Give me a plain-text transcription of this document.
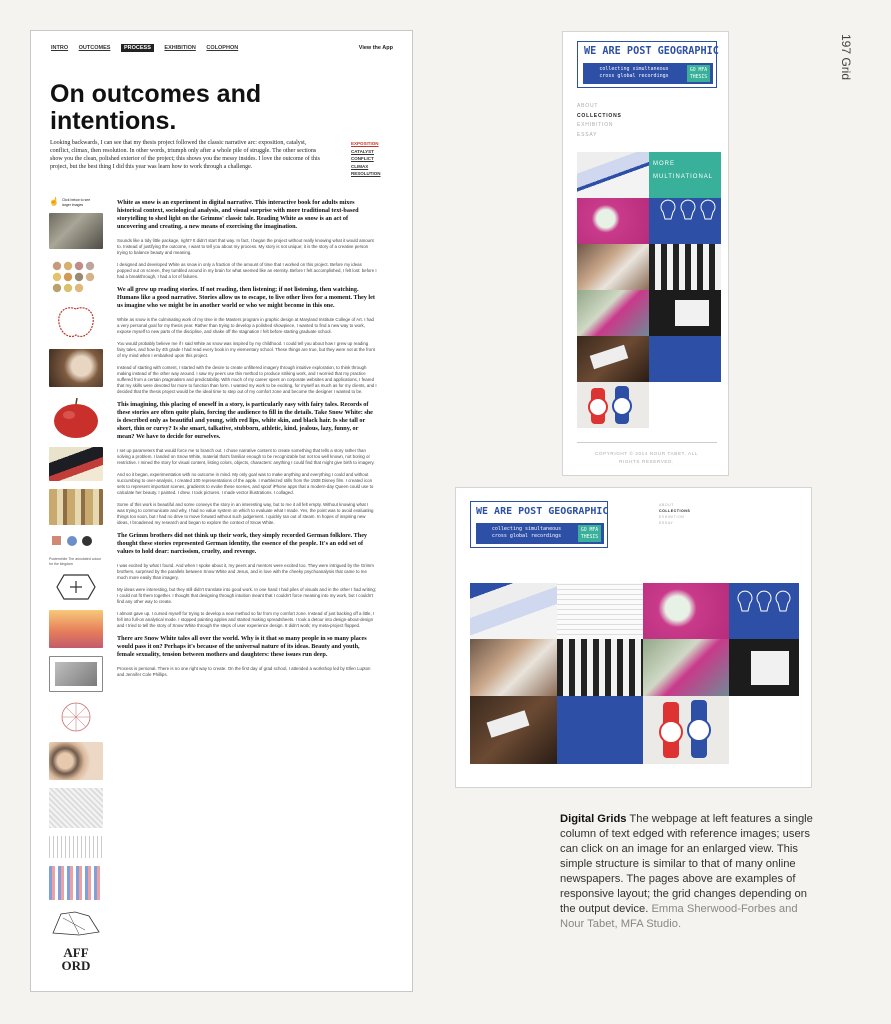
197 Grid
INTRO OUTCOMES PROCESS EXHIBITION COLOPHON	View the App
On outcomes and intentions.
Looking backwards, I can see that my thesis project followed the classic narrative arc: exposition, catalyst, conflict, climax, then resolution. In other words, triumph only after a whole pile of struggle. The other sections show you the clean, polished exterior of the project; this shows you the messy insides. I love the outcome of this project, but the best thing I did this year was learn how to work through a challenge.
EXPOSITION
CATALYST
CONFLICT
CLIMAX
RESOLUTION
☝ Click below to see larger images
Posterwhite The annotated colour for the kingdom
AFF ORD

White as snow is an experiment in digital narrative. This interactive book for adults mixes historical context, sociological analysis, and visual surprise with more traditional text-based storytelling to shed light on the Grimms' classic tale. Reading White as snow is an act of uncovering and creating, a new means of exercising the imagination.

Sounds like a tidy little package, right? It didn't start that way. In fact, I began the project without really knowing what it would amount to. Instead of justifying the outcome, I want to tell you about my process. My story is not unique; it is the story of a creative person trying to balance beauty and meaning.

I designed and developed White as snow in only a fraction of the amount of time that I worked on this project. Before my ideas popped out on screen, they tumbled around in my brain for what seemed like an eternity. Before I felt accomplished, I felt lost: before I had a breakthrough, I had a lot of failures.

We all grew up reading stories. If not reading, then listening; if not listening, then watching. Humans like a good narrative. Stories allow us to escape, to live other lives for a moment. They let us imagine who we might be in another world or who we might become in this one.

White as snow is the culminating work of my time in the Masters program in graphic design at Maryland Institute College of Art. I had a very personal goal for my thesis year. Rather than trying to develop a polished showpiece, I wanted to find a new way to work, expose myself to new parts of the discipline, and shake off the stagnation I felt before starting graduate school.

You would probably believe me if I said White as snow was inspired by my childhood. I could tell you about how I grew up reading fairy tales, and how by 4th grade I had read every book in my elementary school. These things are true, but they were not at the front of my mind when I embarked upon this project.

Instead of starting with content, I started with the desire to create unfiltered imagery through intuitive exploration, to think through making instead of the other way around. I saw my peers use this method to produce striking work, and I worried that my practice suffered from a certain pragmatism and predictability. With much of my career spent on corporate websites and applications, I feared that my skills were devoted far more to function than form. I wanted my work to be exciting, for myself as much as for my clients, and I decided that the thesis project would be the ideal time to step out of my comfort zone and become the designer I wanted to be.

This imagining, this placing of oneself in a story, is particularly easy with fairy tales. Records of these stories are often quite plain, forcing the audience to fill in the details. Take Snow White: she is described only as beautiful and young, with red lips, white skin, and black hair. Is she tall or short, thin or curvy? Is she smart, talkative, stubborn, athletic, kind, jealous, lazy, funny, or mean? We have to decide for ourselves.

I set up parameters that would force me to branch out. I chose narrative content to create something that tells a story rather than solving a problem. I landed on Snow White, material that's familiar enough to be recognizable but not too well known, not boring or restrictive. I mined the story for visual content, listing colors, objects, characters: anything I could find that might give birth to imagery.

And so it began, experimentation with no outcome in mind. My only goal was to make anything and everything I could and without succumbing to over-analysis, I created 100 representations of the apple. I marbleized stills from the 1938 Disney film. I created icon sets to represent important scenes, gradients to evoke these scenes, and spoof iPhone apps that a modern-day Queen could use to calculate her beauty. I painted. I drew. I took pictures. I made vector illustrations. I collaged.

Some of this work is beautiful and some conveys the story in an interesting way, but to me it all felt empty. Without knowing what I was trying to communicate and why, I had no value system on which to evaluate what I made. Yes, the point was to avoid evaluating things too soon, but I had no drive to move forward without such judgement. I quickly ran out of steam. In hopes of inspiring new ideas, I broadened my research and began to explore the context of Snow White.

The Grimm brothers did not think up their work, they simply recorded German folklore. They thought these stories represented German identity, the essence of the people. It's an odd set of values to hold dear: narcissism, cruelty, and revenge.

I was excited by what I found. And when I spoke about it, my peers and mentors were excited too. They were intrigued by the Grimm brothers, surprised by the parallels between Snow White and Jesus, and in love with the cheeky psychoanalysis that came to me much more easily than imagery.

My ideas were interesting, but they still didn't translate into good work. In one hand I had piles of visuals and in the other I had writing; I could not fit them together. I thought that designing through intuition meant that I couldn't force meaning into my work, but I couldn't find any other way to create.

I almost gave up. I cursed myself for trying to develop a new method so far from my comfort zone. Instead of just backing off a little, I fell into full-on analytical mode. I stopped painting apples and started making spreadsheets. I took a detour into design-about-design and I tried to tell the story of Snow White through the steps of user experience design. It didn't work; my meta-project flopped.

There are Snow White tales all over the world. Why is it that so many people in so many places would pass it on? Perhaps it's because of the universal nature of its ideas. Beauty and youth, female sexuality, tension between mothers and daughters: these issues run deep.

Process is personal. There is no one right way to create. On the first day of grad school, I attended a workshop led by Ellen Lupton and Jennifer Cole Phillips.

WE ARE POST GEOGRAPHIC
collecting simultaneous
cross global recordings
GO MFA
THESIS
ABOUT
COLLECTIONS
EXHIBITION
ESSAY
MORE
MULTINATIONAL
COPYRIGHT © 2014 NOUR TABET. ALL
RIGHTS RESERVED.
WE ARE POST GEOGRAPHIC
collecting simultaneous
cross global recordings
GO MFA
THESIS
ABOUT
COLLECTIONS
EXHIBITION
ESSAY
Digital Grids The webpage at left features a single column of text edged with reference images; users can click on an image for an enlarged view. This simple structure is similar to that of many online newspapers. The pages above are examples of responsive layout; the grid changes depending on the output device. Emma Sherwood-Forbes and Nour Tabet, MFA Studio.
